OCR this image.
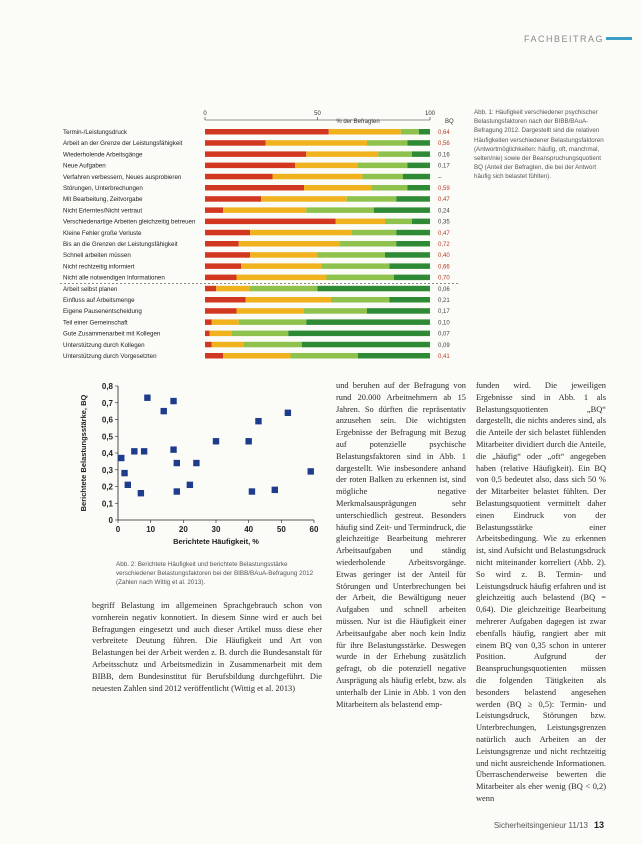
FACHBEITRAG
0	50	100
% der Befragten	BQ
Termin-/Leistungsdruck	0,64
Arbeit an der Grenze der Leistungsfähigkeit	0,56
Wiederholende Arbeitsgänge	0,16
Neue Aufgaben	0,17
Verfahren verbessern, Neues ausprobieren	–
Störungen, Unterbrechungen	0,59
Mit Bearbeitung, Zeitvorgabe	0,47
Nicht Erlerntes/Nicht vertraut	0,24
Verschiedenartige Arbeiten gleichzeitig betreuen	0,35
Kleine Fehler große Verluste	0,47
Bis an die Grenzen der Leistungsfähigkeit	0,72
Schnell arbeiten müssen	0,40
Nicht rechtzeitig informiert	0,66
Nicht alle notwendigen Informationen	0,70
Arbeit selbst planen	0,06
Einfluss auf Arbeitsmenge	0,21
Eigene Pausenentscheidung	0,17
Teil einer Gemeinschaft	0,10
Gute Zusammenarbeit mit Kollegen	0,07
Unterstützung durch Kollegen	0,09
Unterstützung durch Vorgesetzten	0,41
Abb. 1: Häufigkeit verschiedener psychischer Belastungsfaktoren nach der BIBB/BAuA-Befragung 2012. Dargestellt sind die relativen Häufigkeiten verschiedener Belastungsfaktoren (Antwortmöglichkeiten: häufig, oft, manchmal, selten/nie) sowie der Beanspruchungsquotient BQ (Anteil der Befragten, die bei der Antwort häufig sich belastet fühlten).
0
0,1
0,2
0,3
0,4
0,5
0,6
0,7
0,8
0	10	20	30	40	50	60
Berichtete Häufigkeit, %
Berichtete Belastungsstärke, BQ
Abb. 2: Berichtete Häufigkeit und berichtete Belastungsstärke verschiedener Belastungsfaktoren bei der BIBB/BAuA-Befragung 2012 (Zahlen nach Wittig et al. 2013).
und beruhen auf der Befragung von rund 20.000 Arbeitnehmern ab 15 Jahren. So dürften die repräsentativ anzusehen sein. Die wichtigsten Ergebnisse der Befragung mit Bezug auf potenzielle psychische Belastungsfaktoren sind in Abb. 1 dargestellt. Wie insbesondere anhand der roten Balken zu erkennen ist, sind mögliche negative Merkmalsausprägungen sehr unterschiedlich gestreut. Besonders häufig sind Zeit- und Termindruck, die gleichzeitige Bearbeitung mehrerer Arbeitsaufgaben und ständig wiederholende Arbeitsvorgänge. Etwas geringer ist der Anteil für Störungen und Unterbrechungen bei der Arbeit, die Bewältigung neuer Aufgaben und schnell arbeiten müssen. Nur ist die Häufigkeit einer Arbeitsaufgabe aber noch kein Indiz für ihre Belastungsstärke. Deswegen wurde in der Erhebung zusätzlich gefragt, ob die potenziell negative Ausprägung als häufig erlebt, bzw. als unterhalb der Linie in Abb. 1 von den Mitarbeitern als belastend emp-
begriff Belastung im allgemeinen Sprachgebrauch schon von vornherein negativ konnotiert. In diesem Sinne wird er auch bei Befragungen eingesetzt und auch dieser Artikel muss diese eher verbreitete Deutung führen. Die Häufigkeit und Art von Belastungen bei der Arbeit werden z. B. durch die Bundesanstalt für Arbeitsschutz und Arbeitsmedizin in Zusammenarbeit mit dem BIBB, dem Bundesinstitut für Berufsbildung durchgeführt. Die neuesten Zahlen sind 2012 veröffentlicht (Wittig et al. 2013)
funden wird. Die jeweiligen Ergebnisse sind in Abb. 1 als Belastungsquotienten „BQ“ dargestellt, die nichts anderes sind, als die Anteile der sich belastet fühlenden Mitarbeiter dividiert durch die Anteile, die „häufig“ oder „oft“ angegeben haben (relative Häufigkeit). Ein BQ von 0,5 bedeutet also, dass sich 50 % der Mitarbeiter belastet fühlten. Der Belastungsquotient vermittelt daher einen Eindruck von der Belastungsstärke einer Arbeitsbedingung. Wie zu erkennen ist, sind Aufsicht und Belastungsdruck nicht miteinander korreliert (Abb. 2). So wird z. B. Termin- und Leistungsdruck häufig erfahren und ist gleichzeitig auch belastend (BQ = 0,64). Die gleichzeitige Bearbeitung mehrerer Aufgaben dagegen ist zwar ebenfalls häufig, rangiert aber mit einem BQ von 0,35 schon in unterer Position. Aufgrund der Beanspruchungsquotienten müssen die folgenden Tätigkeiten als besonders belastend angesehen werden (BQ ≥ 0,5): Termin- und Leistungsdruck, Störungen bzw. Unterbrechungen, Leistungsgrenzen natürlich auch Arbeiten an der Leistungsgrenze und nicht rechtzeitig und nicht ausreichende Informationen. Überraschenderweise bewerten die Mitarbeiter als eher wenig (BQ < 0,2) wenn
Sicherheitsingenieur 11/13 13
